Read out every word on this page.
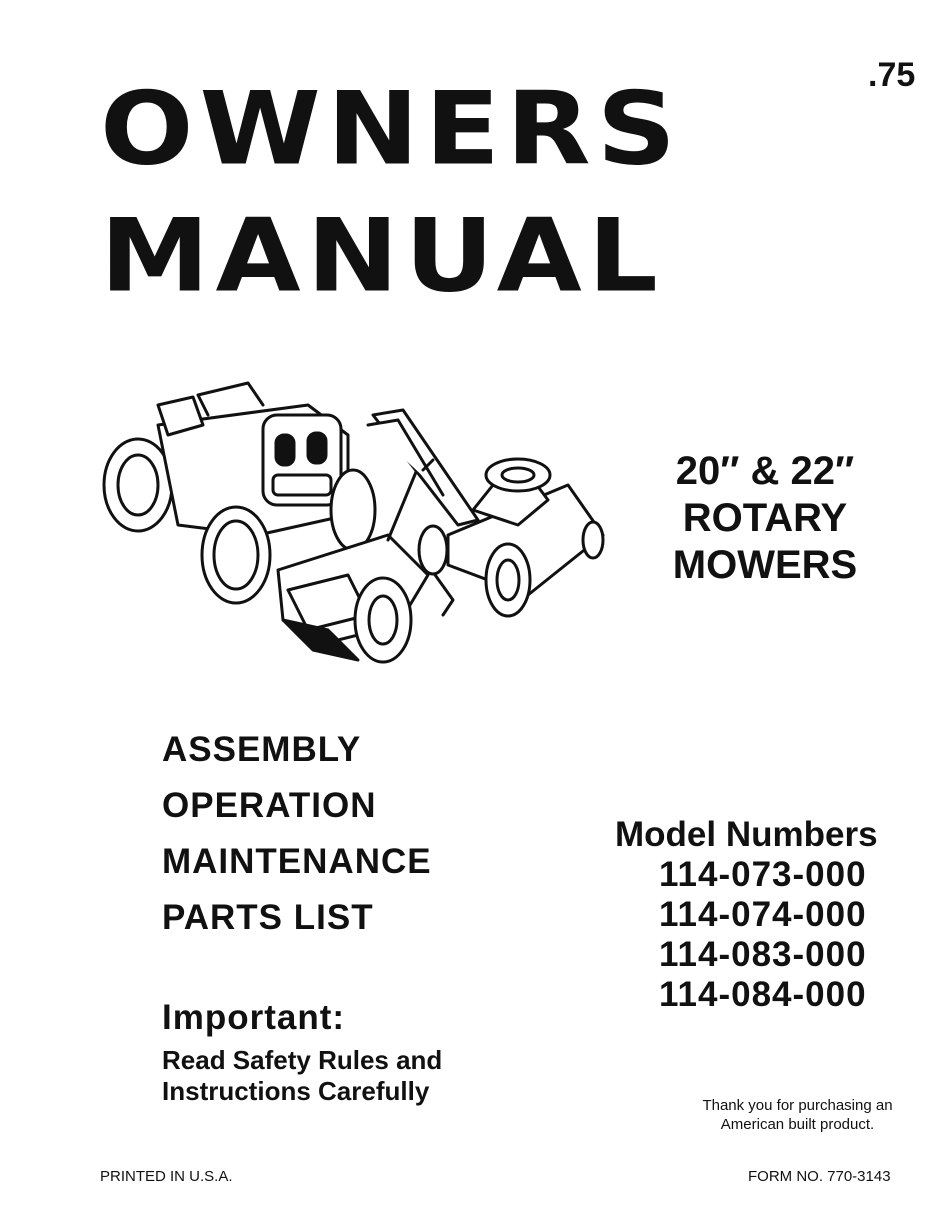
.75
OWNERS
MANUAL
20″ & 22″
ROTARY
MOWERS
ASSEMBLY
OPERATION
MAINTENANCE
PARTS LIST
Model Numbers
114-073-000
114-074-000
114-083-000
114-084-000
Important:
Read Safety Rules and
Instructions Carefully	Thank you for purchasing an
American built product.
PRINTED IN U.S.A.	FORM NO. 770-3143
